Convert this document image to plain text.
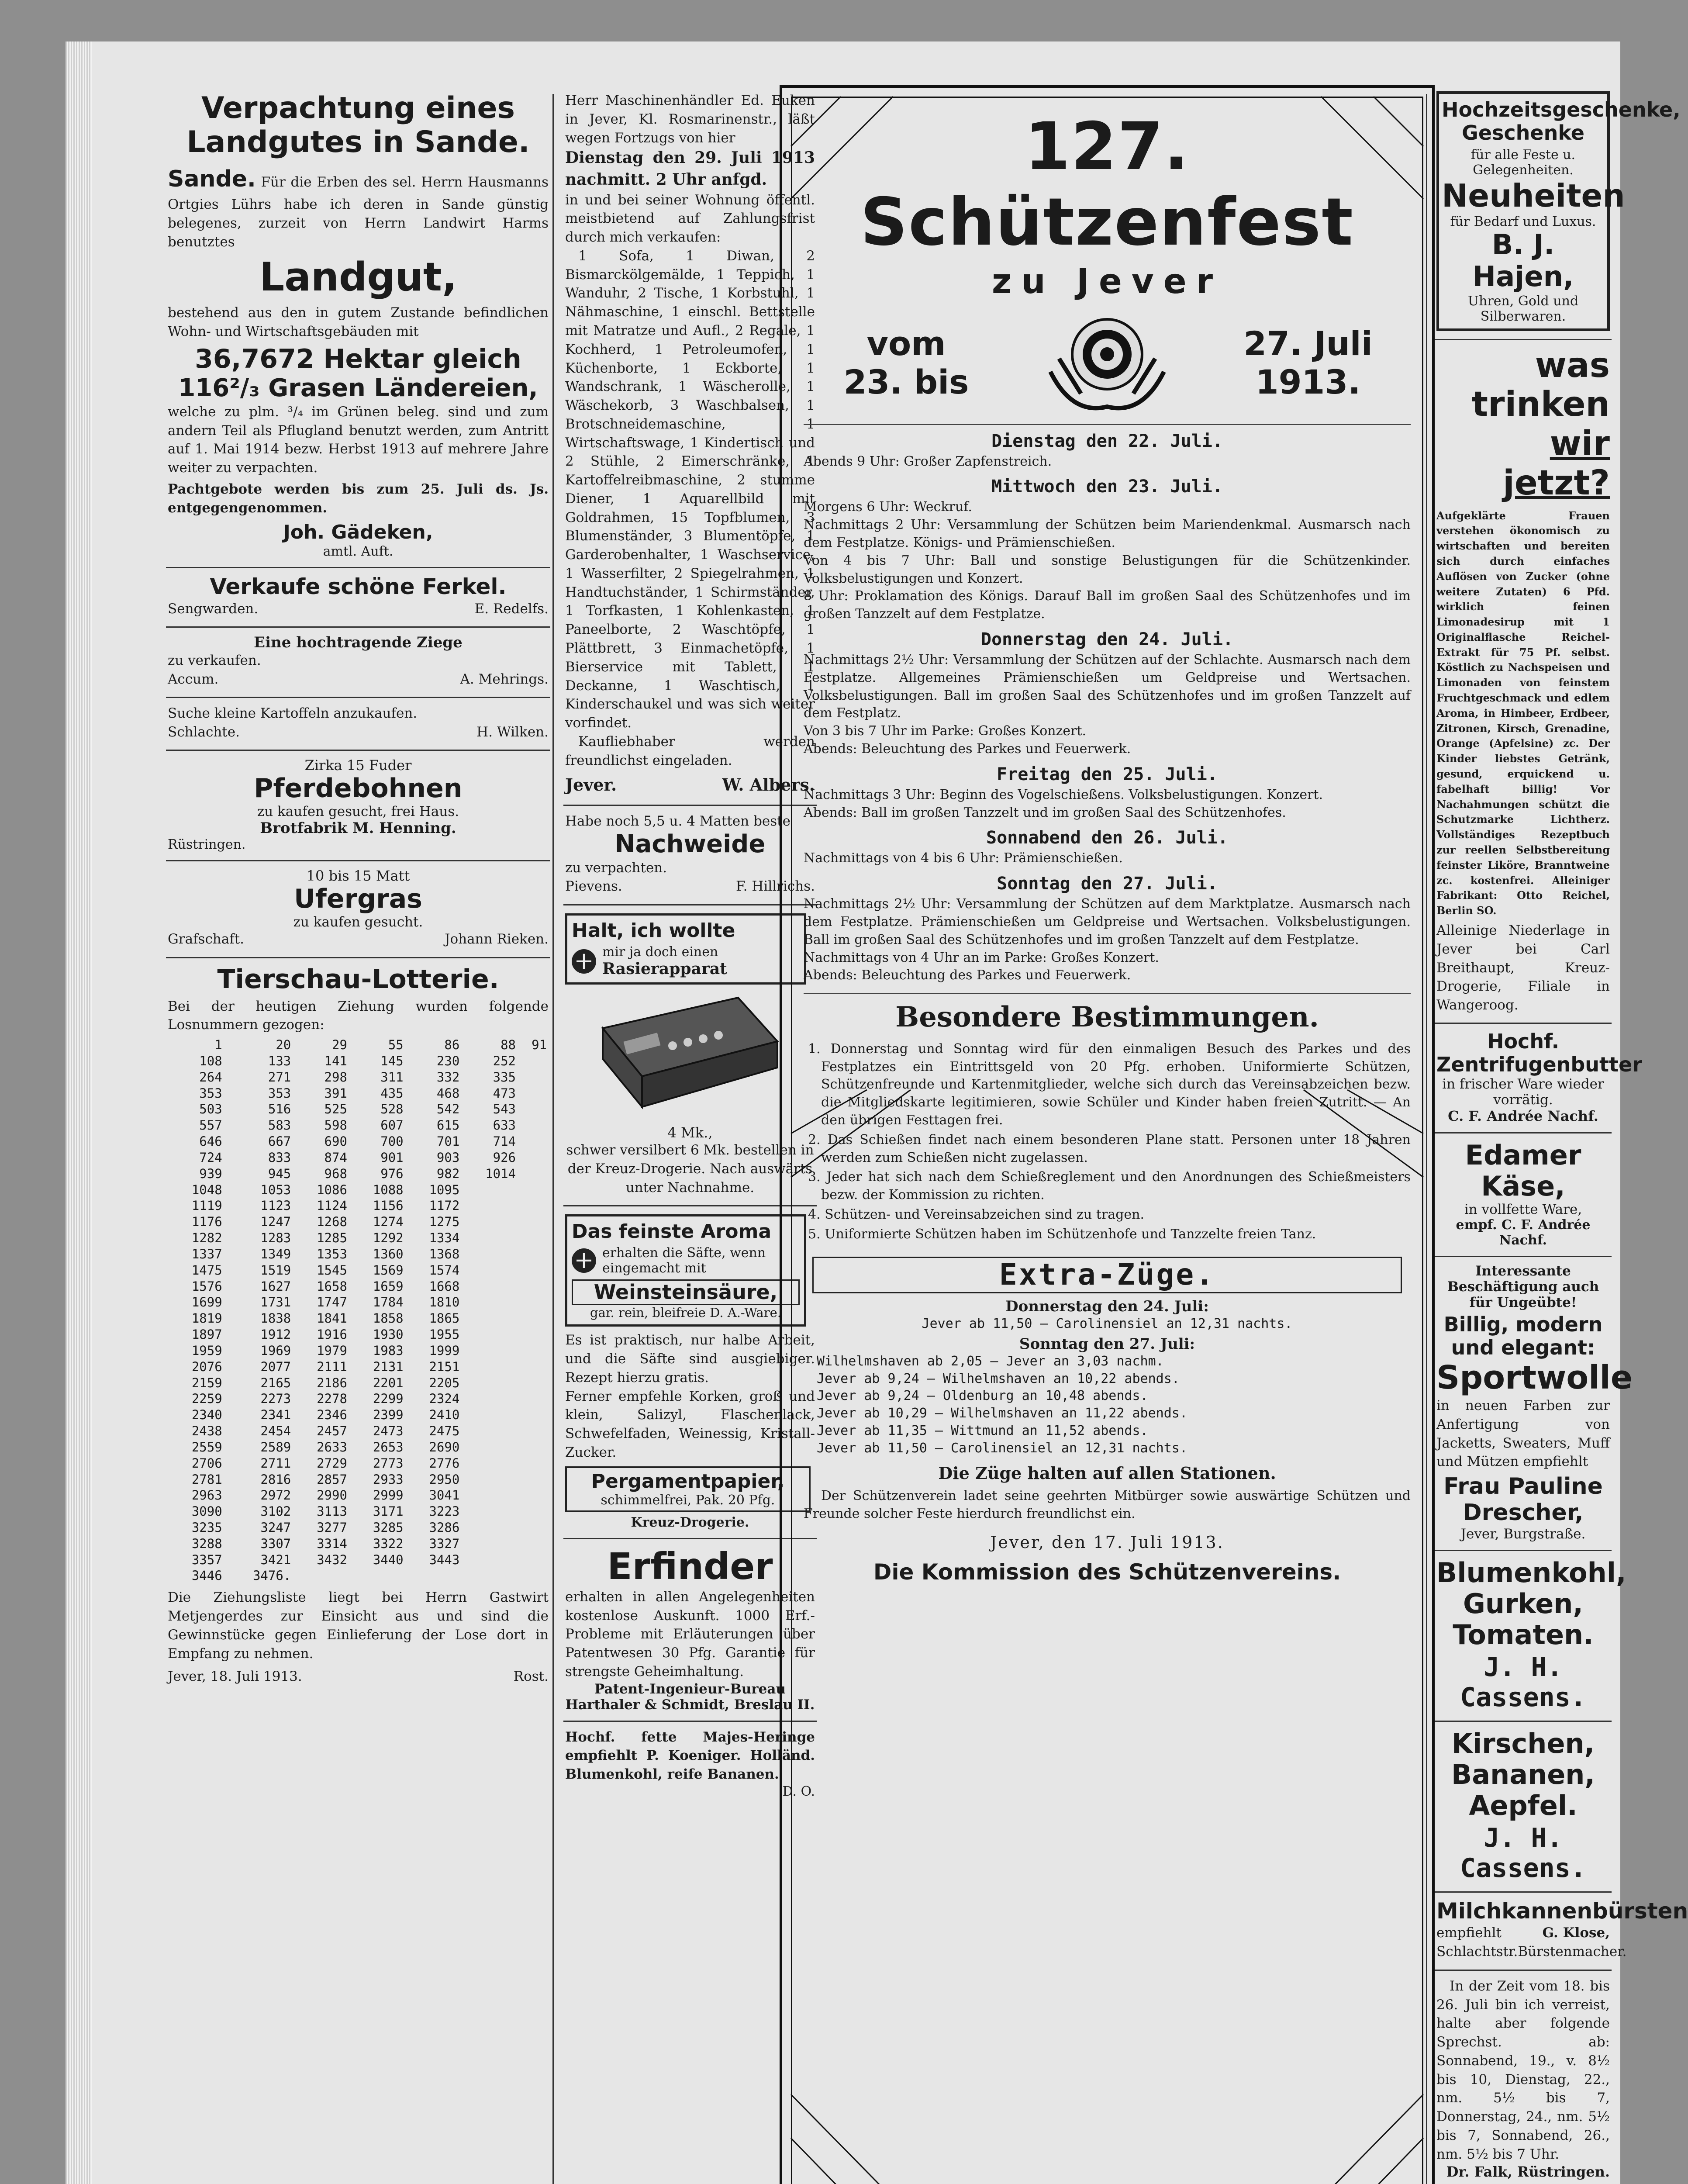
Verpachtung eines Landgutes in Sande.

Sande. Für die Erben des sel. Herrn Hausmanns Ortgies Lührs habe ich deren in Sande günstig belegenes, zurzeit von Herrn Landwirt Harms benutztes

Landgut,

bestehend aus den in gutem Zustande befindlichen Wohn- und Wirtschaftsgebäuden mit

36,7672 Hektar gleich
116²/₃ Grasen Ländereien,

welche zu plm. ³/₄ im Grünen beleg. sind und zum andern Teil als Pflugland benutzt werden, zum Antritt auf 1. Mai 1914 bezw. Herbst 1913 auf mehrere Jahre weiter zu verpachten.

Pachtgebote werden bis zum 25. Juli ds. Js. entgegengenommen.

Joh. Gädeken,
amtl. Auft.
Verkaufe schöne Ferkel.
Sengwarden.	E. Redelfs.
Eine hochtragende Ziege

zu verkaufen.

Accum.	A. Mehrings.

Suche kleine Kartoffeln anzukaufen.

Schlachte.	H. Wilken.
Zirka 15 Fuder
Pferdebohnen
zu kaufen gesucht, frei Haus.
Brotfabrik M. Henning.
Rüstringen.
10 bis 15 Matt
Ufergras
zu kaufen gesucht.
Grafschaft.	Johann Rieken.
Tierschau-Lotterie.

Bei der heutigen Ziehung wurden folgende Losnummern gezogen:

1	20	29	55	86	88	91
108	133	141	145	230	252	
264	271	298	311	332	335	
353	353	391	435	468	473	
503	516	525	528	542	543	
557	583	598	607	615	633	
646	667	690	700	701	714	
724	833	874	901	903	926	
939	945	968	976	982	1014	
1048	1053	1086	1088	1095		
1119	1123	1124	1156	1172		
1176	1247	1268	1274	1275		
1282	1283	1285	1292	1334		
1337	1349	1353	1360	1368		
1475	1519	1545	1569	1574		
1576	1627	1658	1659	1668		
1699	1731	1747	1784	1810		
1819	1838	1841	1858	1865		
1897	1912	1916	1930	1955		
1959	1969	1979	1983	1999		
2076	2077	2111	2131	2151		
2159	2165	2186	2201	2205		
2259	2273	2278	2299	2324		
2340	2341	2346	2399	2410		
2438	2454	2457	2473	2475		
2559	2589	2633	2653	2690		
2706	2711	2729	2773	2776		
2781	2816	2857	2933	2950		
2963	2972	2990	2999	3041		
3090	3102	3113	3171	3223		
3235	3247	3277	3285	3286		
3288	3307	3314	3322	3327		
3357	3421	3432	3440	3443		
3446	3476.					

Die Ziehungsliste liegt bei Herrn Gastwirt Metjengerdes zur Einsicht aus und sind die Gewinnstücke gegen Einlieferung der Lose dort in Empfang zu nehmen.

Jever, 18. Juli 1913.	Rost.

Herr Maschinenhändler Ed. Euken in Jever, Kl. Rosmarinenstr., läßt wegen Fortzugs von hier

Dienstag den 29. Juli 1913 nachmitt. 2 Uhr anfgd.

in und bei seiner Wohnung öffentl. meistbietend auf Zahlungsfrist durch mich verkaufen:

1 Sofa, 1 Diwan, 2 Bismarckölgemälde, 1 Teppich, 1 Wanduhr, 2 Tische, 1 Korbstuhl, 1 Nähmaschine, 1 einschl. Bettstelle mit Matratze und Aufl., 2 Regale, 1 Kochherd, 1 Petroleumofen, 1 Küchenborte, 1 Eckborte, 1 Wandschrank, 1 Wäscherolle, 1 Wäschekorb, 3 Waschbalsen, 1 Brotschneidemaschine, 1 Wirtschaftswage, 1 Kindertisch und 2 Stühle, 2 Eimerschränke, 1 Kartoffelreibmaschine, 2 stumme Diener, 1 Aquarellbild mit Goldrahmen, 15 Topfblumen, 3 Blumenständer, 3 Blumentöpfe, 1 Garderobenhalter, 1 Waschservice, 1 Wasserfilter, 2 Spiegelrahmen, 1 Handtuchständer, 1 Schirmständer, 1 Torfkasten, 1 Kohlenkasten, 1 Paneelborte, 2 Waschtöpfe, 1 Plättbrett, 3 Einmachetöpfe, 1 Bierservice mit Tablett, 1 Deckanne, 1 Waschtisch, 1 Kinderschaukel und was sich weiter vorfindet.

Kaufliebhaber werden freundlichst eingeladen.

Jever.	W. Albers.

Habe noch 5,5 u. 4 Matten beste

Nachweide

zu verpachten.

Pievens.	F. Hillrichs.
Halt, ich wollte
+ mir ja doch einen
Rasierapparat
4 Mk.,

schwer versilbert 6 Mk. bestellen in der Kreuz-Drogerie. Nach auswärts unter Nachnahme.

Das feinste Aroma
+ erhalten die Säfte, wenn eingemacht mit
Weinsteinsäure,
gar. rein, bleifreie D. A.-Ware.

Es ist praktisch, nur halbe Arbeit, und die Säfte sind ausgiebiger. Rezept hierzu gratis.

Ferner empfehle Korken, groß und klein, Salizyl, Flaschenlack, Schwefelfaden, Weinessig, Kristall-Zucker.

Pergamentpapier,
schimmelfrei, Pak. 20 Pfg.
Kreuz-Drogerie.
Erfinder

erhalten in allen Angelegenheiten kostenlose Auskunft. 1000 Erf.-Probleme mit Erläuterungen über Patentwesen 30 Pfg. Garantie für strengste Geheimhaltung.

Patent-Ingenieur-Bureau
Harthaler & Schmidt, Breslau II.

Hochf. fette Majes-Heringe empfiehlt P. Koeniger. Holländ. Blumenkohl, reife Bananen.

D. O.
127. Schützenfest
zu Jever
vom
23. bis
27. Juli
1913.
Dienstag den 22. Juli.

Abends 9 Uhr: Großer Zapfenstreich.

Mittwoch den 23. Juli.

Morgens 6 Uhr: Weckruf.

Nachmittags 2 Uhr: Versammlung der Schützen beim Mariendenkmal. Ausmarsch nach dem Festplatze. Königs- und Prämienschießen.

Von 4 bis 7 Uhr: Ball und sonstige Belustigungen für die Schützenkinder. Volksbelustigungen und Konzert.

8 Uhr: Proklamation des Königs. Darauf Ball im großen Saal des Schützenhofes und im großen Tanzzelt auf dem Festplatze.

Donnerstag den 24. Juli.

Nachmittags 2½ Uhr: Versammlung der Schützen auf der Schlachte. Ausmarsch nach dem Festplatze. Allgemeines Prämienschießen um Geldpreise und Wertsachen. Volksbelustigungen. Ball im großen Saal des Schützenhofes und im großen Tanzzelt auf dem Festplatz.

Von 3 bis 7 Uhr im Parke: Großes Konzert.

Abends: Beleuchtung des Parkes und Feuerwerk.

Freitag den 25. Juli.

Nachmittags 3 Uhr: Beginn des Vogelschießens. Volksbelustigungen. Konzert.

Abends: Ball im großen Tanzzelt und im großen Saal des Schützenhofes.

Sonnabend den 26. Juli.

Nachmittags von 4 bis 6 Uhr: Prämienschießen.

Sonntag den 27. Juli.

Nachmittags 2½ Uhr: Versammlung der Schützen auf dem Marktplatze. Ausmarsch nach dem Festplatze. Prämienschießen um Geldpreise und Wertsachen. Volksbelustigungen. Ball im großen Saal des Schützenhofes und im großen Tanzzelt auf dem Festplatze.

Nachmittags von 4 Uhr an im Parke: Großes Konzert.

Abends: Beleuchtung des Parkes und Feuerwerk.

Besondere Bestimmungen.

1. Donnerstag und Sonntag wird für den einmaligen Besuch des Parkes und des Festplatzes ein Eintrittsgeld von 20 Pfg. erhoben. Uniformierte Schützen, Schützenfreunde und Kartenmitglieder, welche sich durch das Vereinsabzeichen bezw. die Mitgliedskarte legitimieren, sowie Schüler und Kinder haben freien Zutritt. — An den übrigen Festtagen frei.

2. Das Schießen findet nach einem besonderen Plane statt. Personen unter 18 Jahren werden zum Schießen nicht zugelassen.

3. Jeder hat sich nach dem Schießreglement und den Anordnungen des Schießmeisters bezw. der Kommission zu richten.

4. Schützen- und Vereinsabzeichen sind zu tragen.

5. Uniformierte Schützen haben im Schützenhofe und Tanzzelte freien Tanz.

Extra-Züge.
Donnerstag den 24. Juli:
Jever ab 11,50 — Carolinensiel an 12,31 nachts.
Sonntag den 27. Juli:
Wilhelmshaven ab 2,05 — Jever an 3,03 nachm.
Jever ab 9,24 — Wilhelmshaven an 10,22 abends.
Jever ab 9,24 — Oldenburg an 10,48 abends.
Jever ab 10,29 — Wilhelmshaven an 11,22 abends.
Jever ab 11,35 — Wittmund an 11,52 abends.
Jever ab 11,50 — Carolinensiel an 12,31 nachts.
Die Züge halten auf allen Stationen.

Der Schützenverein ladet seine geehrten Mitbürger sowie auswärtige Schützen und Freunde solcher Feste hierdurch freundlichst ein.

Jever, den 17. Juli 1913.
Die Kommission des Schützenvereins.
Hochzeitsgeschenke, Geschenke
für alle Feste u. Gelegenheiten.
Neuheiten
für Bedarf und Luxus.
B. J. Hajen,
Uhren, Gold und Silberwaren.
was trinken
wir jetzt?

Aufgeklärte Frauen verstehen ökonomisch zu wirtschaften und bereiten sich durch einfaches Auflösen von Zucker (ohne weitere Zutaten) 6 Pfd. wirklich feinen Limonadesirup mit 1 Originalflasche Reichel-Extrakt für 75 Pf. selbst. Köstlich zu Nachspeisen und Limonaden von feinstem Fruchtgeschmack und edlem Aroma, in Himbeer, Erdbeer, Zitronen, Kirsch, Grenadine, Orange (Apfelsine) zc. Der Kinder liebstes Getränk, gesund, erquickend u. fabelhaft billig! Vor Nachahmungen schützt die Schutzmarke Lichtherz. Vollständiges Rezeptbuch zur reellen Selbstbereitung feinster Liköre, Branntweine zc. kostenfrei. Alleiniger Fabrikant: Otto Reichel, Berlin SO.

Alleinige Niederlage in Jever bei Carl Breithaupt, Kreuz-Drogerie, Filiale in Wangeroog.

Hochf. Zentrifugenbutter
in frischer Ware wieder vorrätig.
C. F. Andrée Nachf.
Edamer Käse,
in vollfette Ware,
empf. C. F. Andrée Nachf.
Interessante Beschäftigung auch für Ungeübte!
Billig, modern und elegant:
Sportwolle

in neuen Farben zur Anfertigung von Jacketts, Sweaters, Muff und Mützen empfiehlt

Frau Pauline Drescher,
Jever, Burgstraße.
Blumenkohl,
Gurken,
Tomaten.
J. H. Cassens.
Kirschen,
Bananen,
Aepfel.
J. H. Cassens.
Milchkannenbürsten
empfiehlt	G. Klose,
Schlachtstr. Bürstenmacher.

In der Zeit vom 18. bis 26. Juli bin ich verreist, halte aber folgende Sprechst. ab: Sonnabend, 19., v. 8½ bis 10, Dienstag, 22., nm. 5½ bis 7, Donnerstag, 24., nm. 5½ bis 7, Sonnabend, 26., nm. 5½ bis 7 Uhr.

Dr. Falk, Rüstringen.
